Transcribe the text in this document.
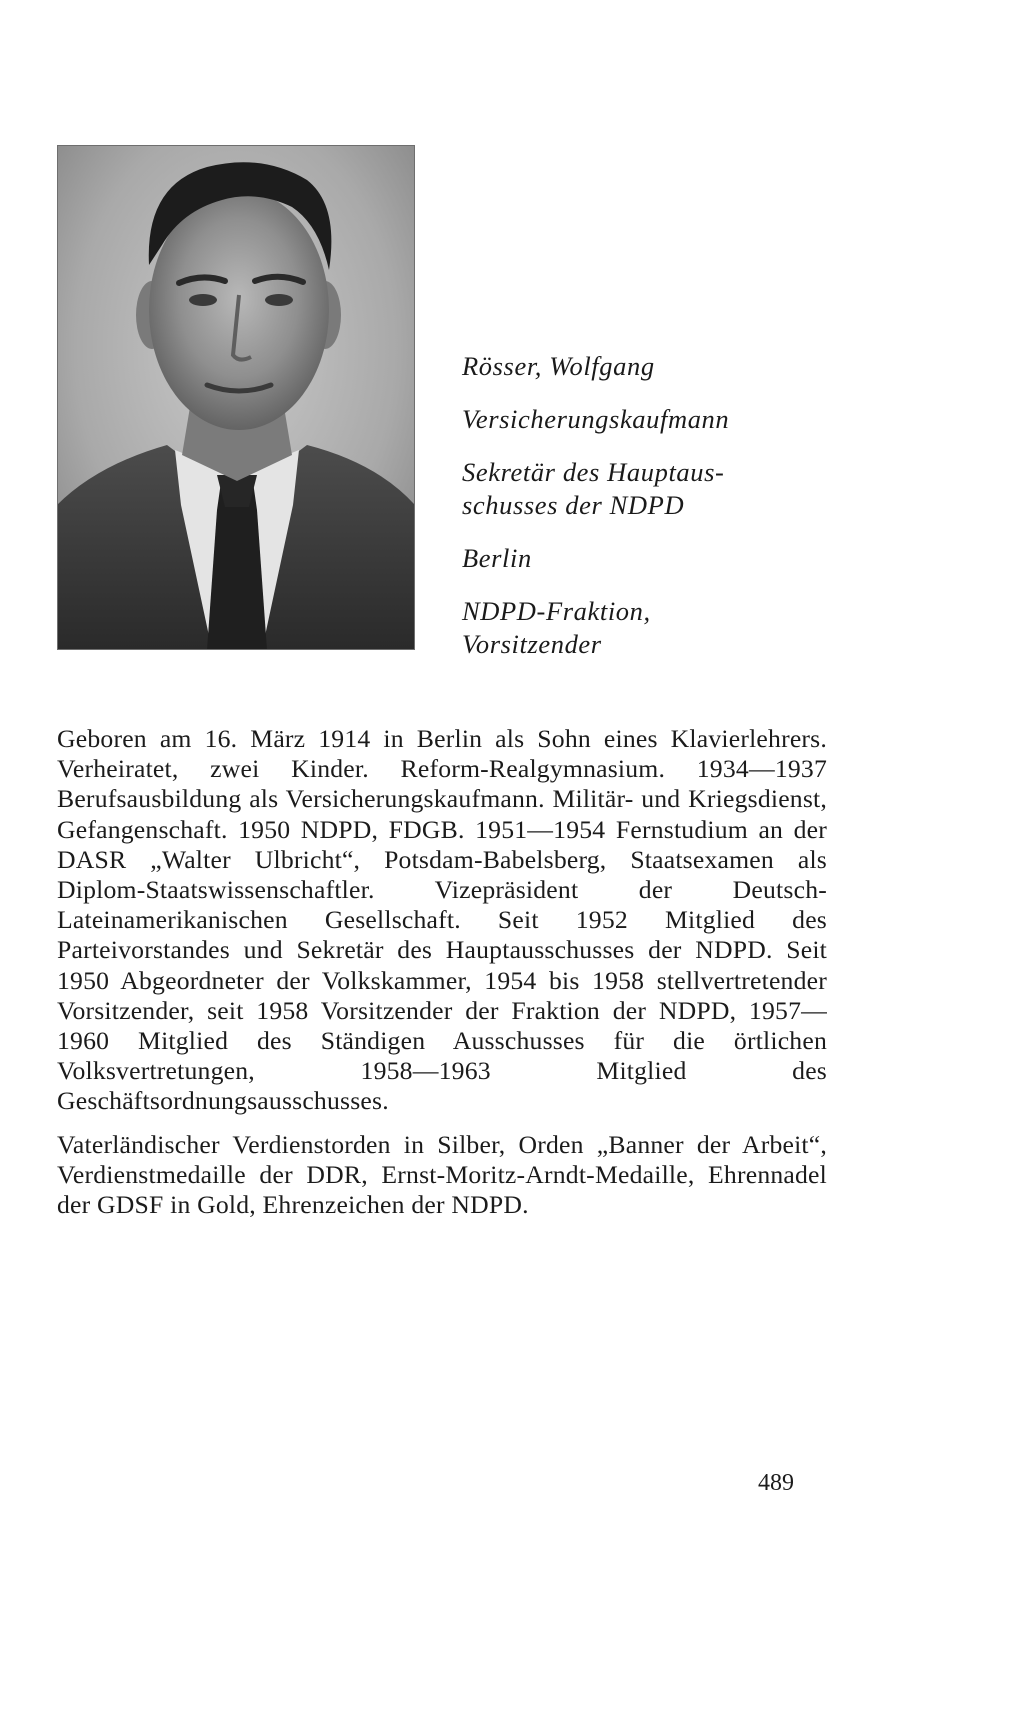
Rösser, Wolfgang
Versicherungskaufmann
Sekretär des Hauptaus-
schusses der NDPD
Berlin
NDPD-Fraktion,
Vorsitzender

Geboren am 16. März 1914 in Berlin als Sohn eines Klavierlehrers. Verheiratet, zwei Kinder. Reform-Realgymnasium. 1934—1937 Berufsausbildung als Versicherungskaufmann. Militär- und Kriegsdienst, Gefangenschaft. 1950 NDPD, FDGB. 1951—1954 Fernstudium an der DASR „Walter Ulbricht“, Potsdam-Babelsberg, Staatsexamen als Diplom-Staatswissenschaftler. Vizepräsident der Deutsch-Lateinamerikanischen Gesellschaft. Seit 1952 Mitglied des Parteivorstandes und Sekretär des Hauptausschusses der NDPD. Seit 1950 Abgeordneter der Volkskammer, 1954 bis 1958 stellvertretender Vorsitzender, seit 1958 Vorsitzender der Fraktion der NDPD, 1957—1960 Mitglied des Ständigen Ausschusses für die örtlichen Volksvertretungen, 1958—1963 Mitglied des Geschäftsordnungsausschusses.

Vaterländischer Verdienstorden in Silber, Orden „Banner der Arbeit“, Verdienstmedaille der DDR, Ernst-Moritz-Arndt-Medaille, Ehrennadel der GDSF in Gold, Ehrenzeichen der NDPD.

489
